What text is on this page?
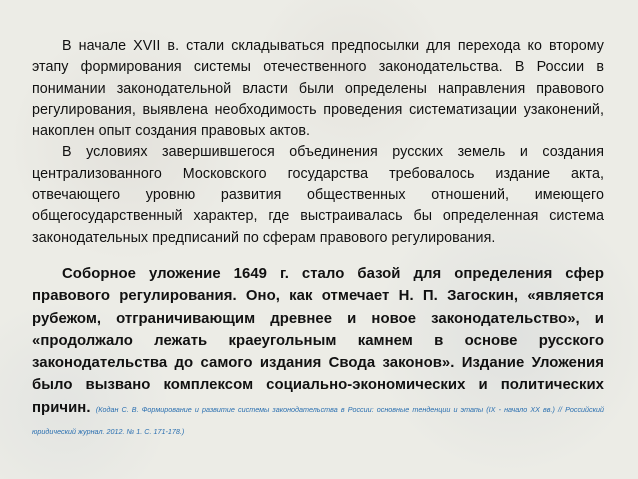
В начале XVII в. стали складываться предпосылки для перехода ко второму этапу формирования системы отечественного законодательства. В России в понимании законодательной власти были определены направления правового регулирования, выявлена необходимость проведения систематизации узаконений, накоплен опыт создания правовых актов.

В условиях завершившегося объединения русских земель и создания централизованного Московского государства требовалось издание акта, отвечающего уровню развития общественных отношений, имеющего общегосударственный характер, где выстраивалась бы определенная система законодательных предписаний по сферам правового регулирования.

Соборное уложение 1649 г. стало базой для определения сфер правового регулирования. Оно, как отмечает Н. П. Загоскин, «является рубежом, отграничивающим древнее и новое законодательство», и «продолжало лежать краеугольным камнем в основе русского законодательства до самого издания Свода законов». Издание Уложения было вызвано комплексом социально-экономических и политических причин. (Кодан С. В. Формирование и развитие системы законодательства в России: основные тенденции и этапы (IX - начало XX вв.) // Российский юридический журнал. 2012. № 1. С. 171-178.)
